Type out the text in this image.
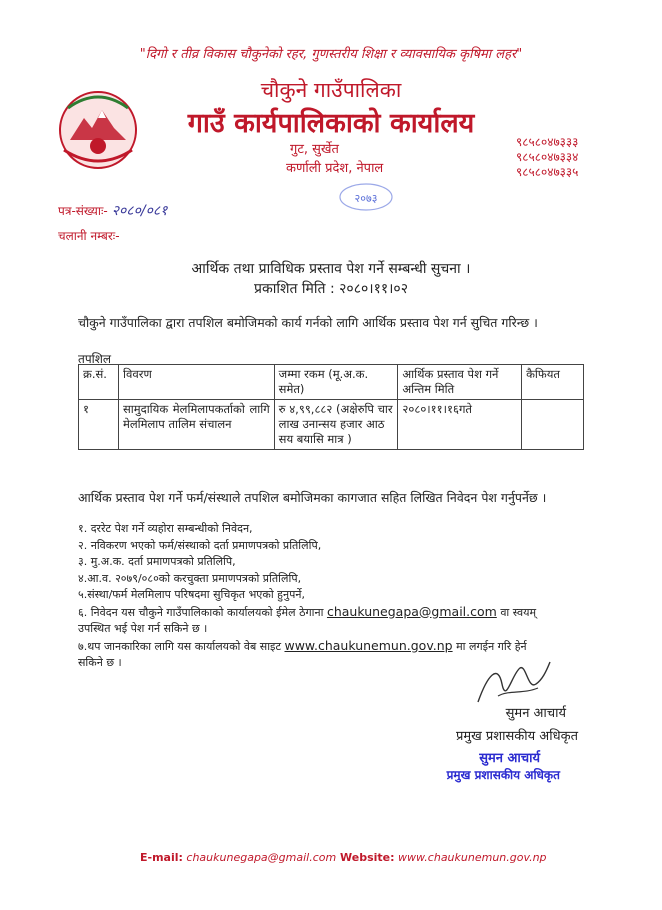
"दिगो र तीव्र विकास चौकुनेको रहर, गुणस्तरीय शिक्षा र व्यावसायिक कृषिमा लहर"
चौकुने गाउँपालिका
गाउँ कार्यपालिकाको कार्यालय
गुट, सुर्खेत
कर्णाली प्रदेश, नेपाल
९८५८०४७३३३
९८५८०४७३३४
९८५८०४७३३५
२०७३
पत्र-संख्याः- २०८०/०८१
चलानी नम्बरः-
आर्थिक तथा प्राविधिक प्रस्ताव पेश गर्ने सम्बन्धी सुचना ।
प्रकाशित मिति : २०८०।११।०२
चौकुने गाउँपालिका द्वारा तपशिल बमोजिमको कार्य गर्नको लागि आर्थिक प्रस्ताव पेश गर्न सुचित गरिन्छ ।
तपशिल
क्र.सं.	विवरण	जम्मा रकम (मू.अ.क. समेत)	आर्थिक प्रस्ताव पेश गर्ने अन्तिम मिति	कैफियत
१	सामुदायिक मेलमिलापकर्ताको लागि मेलमिलाप तालिम संचालन	रु ४,९९,८८२ (अक्षेरुपि चार लाख उनान्सय हजार आठ सय बयासि मात्र )	२०८०।११।१६गते	
आर्थिक प्रस्ताव पेश गर्ने फर्म/संस्थाले तपशिल बमोजिमका कागजात सहित लिखित निवेदन पेश गर्नुपर्नेछ ।
१. दररेट पेश गर्ने व्यहोरा सम्बन्धीको निवेदन,
२. नविकरण भएको फर्म/संस्थाको दर्ता प्रमाणपत्रको प्रतिलिपि,
३. मु.अ.क. दर्ता प्रमाणपत्रको प्रतिलिपि,
४.आ.व. २०७९/०८०को करचुक्ता प्रमाणपत्रको प्रतिलिपि,
५.संस्था/फर्म मेलमिलाप परिषदमा सुचिकृत भएको हुनुपर्ने,
६. निवेदन यस चौकुने गाउँपालिकाको कार्यालयको ईमेल ठेगाना chaukunegapa@gmail.com वा स्वयम्
उपस्थित भई पेश गर्न सकिने छ ।
७.थप जानकारिका लागि यस कार्यालयको वेब साइट www.chaukunemun.gov.np मा लगईन गरि हेर्न
सकिने छ ।
सुमन आचार्य
प्रमुख प्रशासकीय अधिकृत
सुमन आचार्य
प्रमुख प्रशासकीय अधिकृत
E-mail: chaukunegapa@gmail.com Website: www.chaukunemun.gov.np
